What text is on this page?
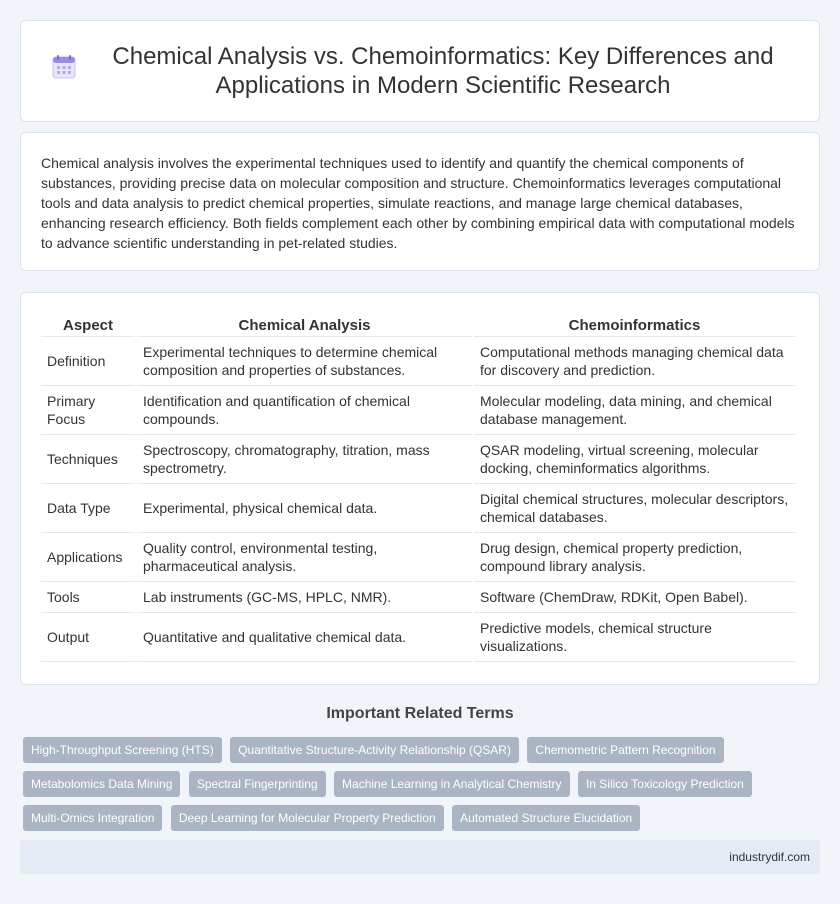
Chemical Analysis vs. Chemoinformatics: Key Differences and Applications in Modern Scientific Research

Chemical analysis involves the experimental techniques used to identify and quantify the chemical components of substances, providing precise data on molecular composition and structure. Chemoinformatics leverages computational tools and data analysis to predict chemical properties, simulate reactions, and manage large chemical databases, enhancing research efficiency. Both fields complement each other by combining empirical data with computational models to advance scientific understanding in pet-related studies.

Aspect	Chemical Analysis	Chemoinformatics
Definition	Experimental techniques to determine chemical composition and properties of substances.	Computational methods managing chemical data for discovery and prediction.
Primary Focus	Identification and quantification of chemical compounds.	Molecular modeling, data mining, and chemical database management.
Techniques	Spectroscopy, chromatography, titration, mass spectrometry.	QSAR modeling, virtual screening, molecular docking, cheminformatics algorithms.
Data Type	Experimental, physical chemical data.	Digital chemical structures, molecular descriptors, chemical databases.
Applications	Quality control, environmental testing, pharmaceutical analysis.	Drug design, chemical property prediction, compound library analysis.
Tools	Lab instruments (GC-MS, HPLC, NMR).	Software (ChemDraw, RDKit, Open Babel).
Output	Quantitative and qualitative chemical data.	Predictive models, chemical structure visualizations.
Important Related Terms
High-Throughput Screening (HTS) Quantitative Structure-Activity Relationship (QSAR) Chemometric Pattern Recognition Metabolomics Data Mining Spectral Fingerprinting Machine Learning in Analytical Chemistry In Silico Toxicology Prediction Multi-Omics Integration Deep Learning for Molecular Property Prediction Automated Structure Elucidation
industrydif.com
